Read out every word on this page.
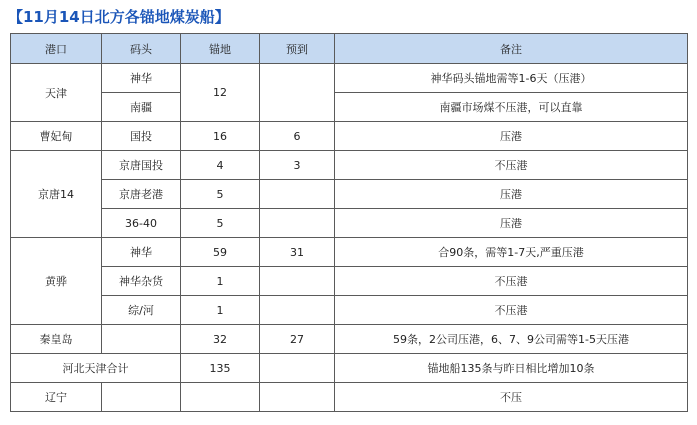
【11月14日北方各锚地煤炭船】
港口	码头	锚地	预到	备注
天津	神华	12		神华码头锚地需等1-6天（压港）
	南疆			南疆市场煤不压港，可以直靠
曹妃甸	国投	16	6	压港
京唐14	京唐国投	4	3	不压港
	京唐老港	5		压港
	36-40	5		压港
黄骅	神华	59	31	合90条，需等1-7天,严重压港
	神华杂货	1		不压港
	综/河	1		不压港
秦皇岛		32	27	59条，2公司压港，6、7、9公司需等1-5天压港
河北天津合计		135		锚地船135条与昨日相比增加10条
辽宁				不压
